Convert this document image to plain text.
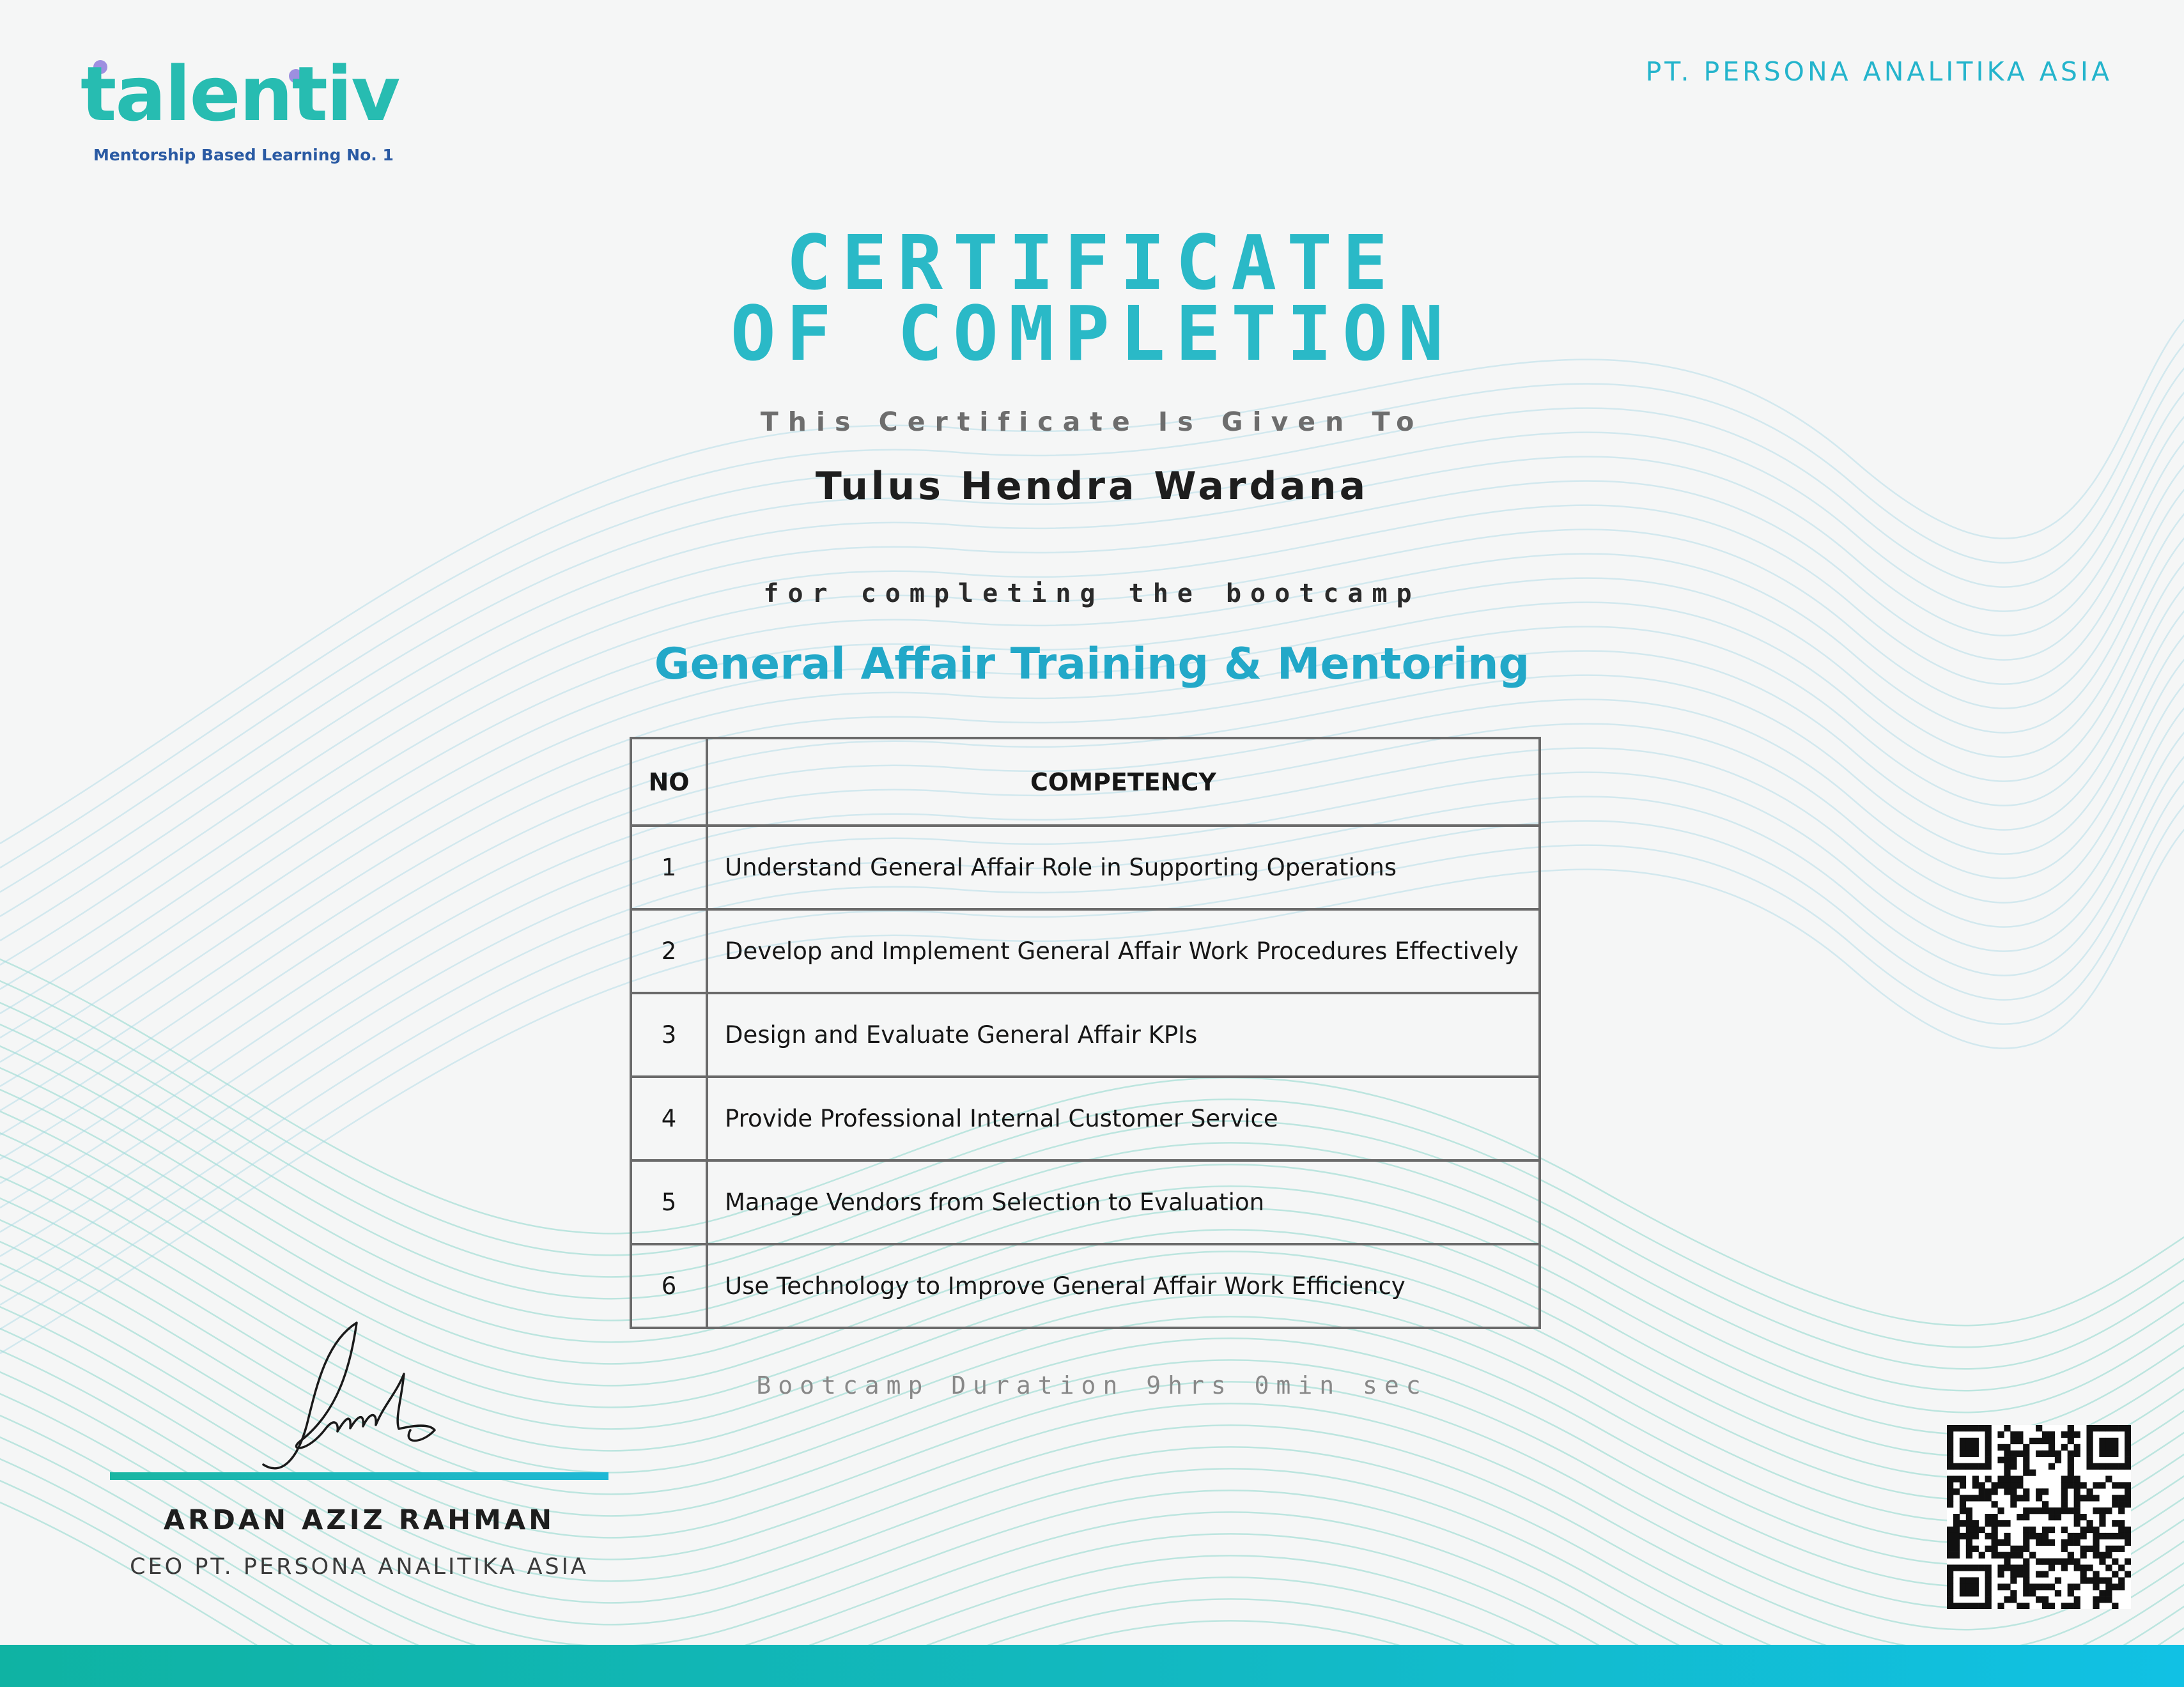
talentiv
Mentorship Based Learning No. 1
PT. PERSONA ANALITIKA ASIA
CERTIFICATE
OF COMPLETION
This Certificate Is Given To
Tulus Hendra Wardana
for completing the bootcamp
General Affair Training & Mentoring
NO	COMPETENCY
1	Understand General Affair Role in Supporting Operations
2	Develop and Implement General Affair Work Procedures Effectively
3	Design and Evaluate General Affair KPIs
4	Provide Professional Internal Customer Service
5	Manage Vendors from Selection to Evaluation
6	Use Technology to Improve General Affair Work Efficiency
Bootcamp Duration 9hrs 0min sec
ARDAN AZIZ RAHMAN
CEO PT. PERSONA ANALITIKA ASIA
